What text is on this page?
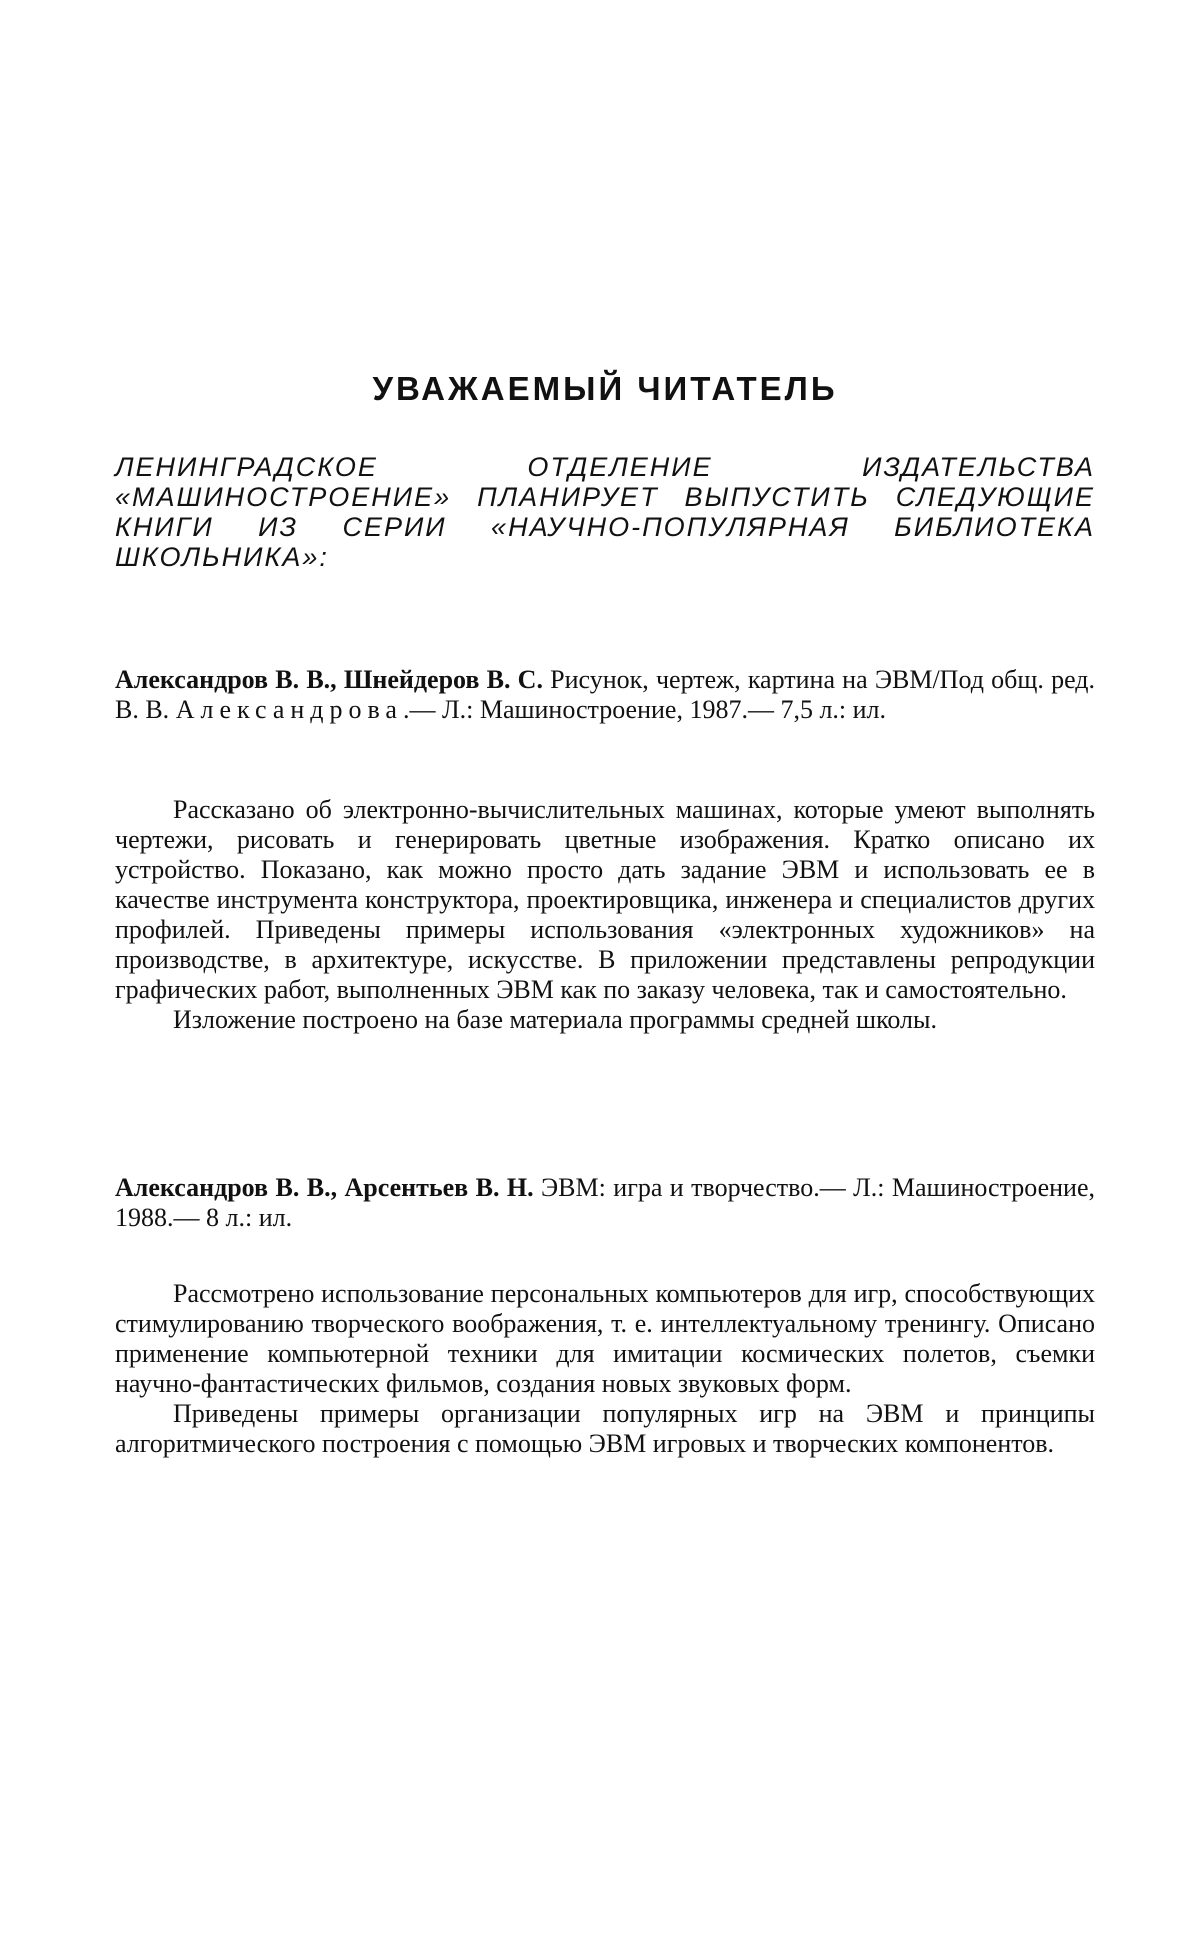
УВАЖАЕМЫЙ ЧИТАТЕЛЬ

ЛЕНИНГРАДСКОЕ ОТДЕЛЕНИЕ ИЗДАТЕЛЬСТВА «МАШИНОСТРОЕНИЕ» ПЛАНИРУЕТ ВЫПУСТИТЬ СЛЕДУЮЩИЕ КНИГИ ИЗ СЕРИИ «НАУЧНО-ПОПУЛЯРНАЯ БИБЛИОТЕКА ШКОЛЬНИКА»:

Александров В. В., Шнейдеров В. С. Рисунок, чертеж, картина на ЭВМ/Под общ. ред. В. В. Александрова.— Л.: Машиностроение, 1987.— 7,5 л.: ил.

Рассказано об электронно-вычислительных машинах, которые умеют выполнять чертежи, рисовать и генерировать цветные изображения. Кратко описано их устройство. Показано, как можно просто дать задание ЭВМ и использовать ее в качестве инструмента конструктора, проектировщика, инженера и специалистов других профилей. Приведены примеры использования «электронных художников» на производстве, в архитектуре, искусстве. В приложении представлены репродукции графических работ, выполненных ЭВМ как по заказу человека, так и самостоятельно.

Изложение построено на базе материала программы средней школы.

Александров В. В., Арсентьев В. Н. ЭВМ: игра и творчество.— Л.: Машиностроение, 1988.— 8 л.: ил.

Рассмотрено использование персональных компьютеров для игр, способствующих стимулированию творческого воображения, т. е. интеллектуальному тренингу. Описано применение компьютерной техники для имитации космических полетов, съемки научно-фантастических фильмов, создания новых звуковых форм.

Приведены примеры организации популярных игр на ЭВМ и принципы алгоритмического построения с помощью ЭВМ игровых и творческих компонентов.
